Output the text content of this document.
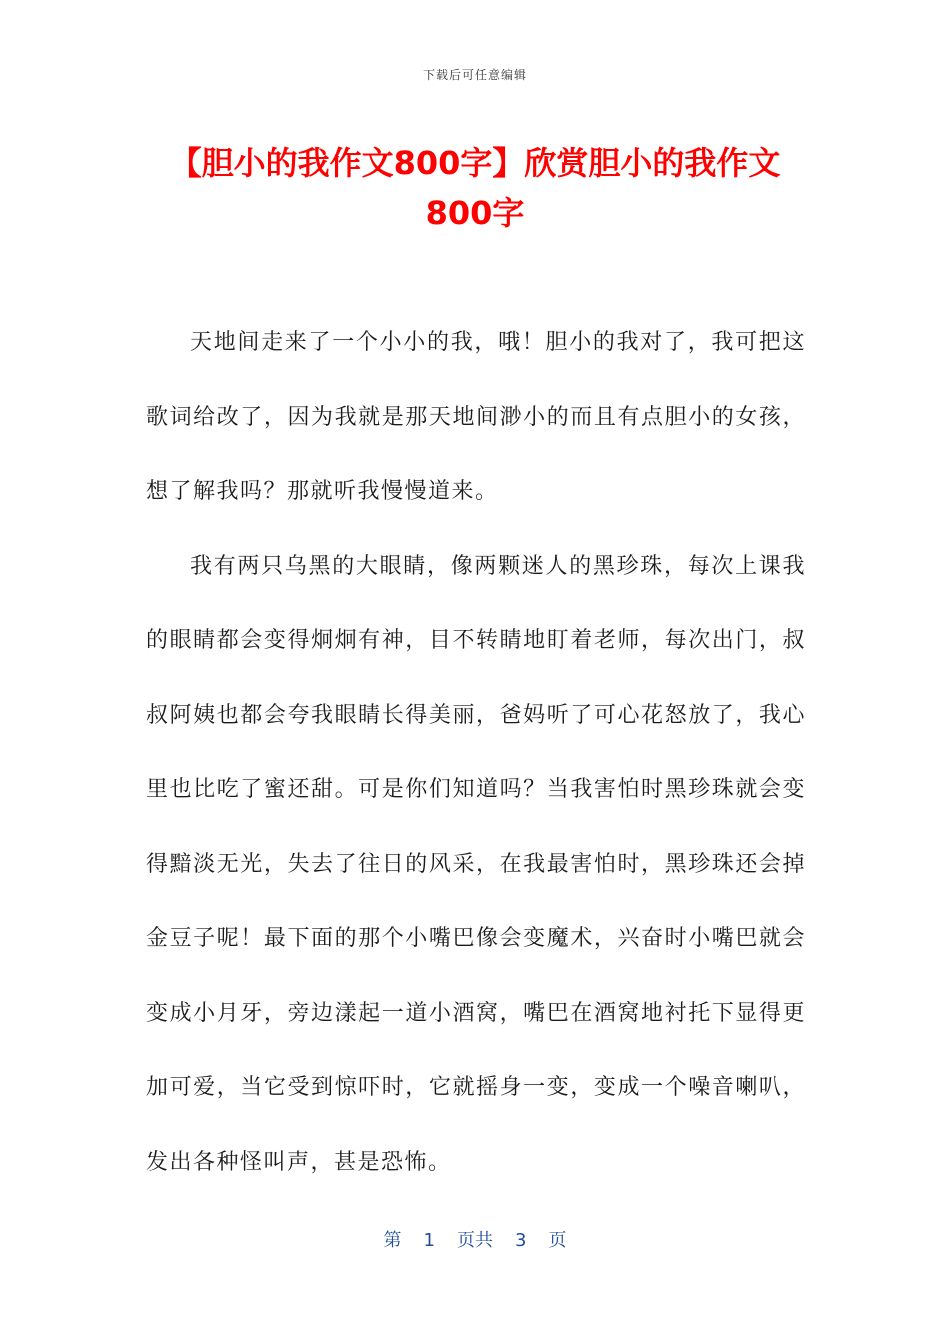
下载后可任意编辑
【胆小的我作文800字】欣赏胆小的我作文800字

天地间走来了一个小小的我，哦！胆小的我对了，我可把这歌词给改了，因为我就是那天地间渺小的而且有点胆小的女孩，想了解我吗？那就听我慢慢道来。

我有两只乌黑的大眼睛，像两颗迷人的黑珍珠，每次上课我的眼睛都会变得炯炯有神，目不转睛地盯着老师，每次出门，叔叔阿姨也都会夸我眼睛长得美丽，爸妈听了可心花怒放了，我心里也比吃了蜜还甜。可是你们知道吗？当我害怕时黑珍珠就会变得黯淡无光，失去了往日的风采，在我最害怕时，黑珍珠还会掉金豆子呢！最下面的那个小嘴巴像会变魔术，兴奋时小嘴巴就会变成小月牙，旁边漾起一道小酒窝，嘴巴在酒窝地衬托下显得更加可爱，当它受到惊吓时，它就摇身一变，变成一个噪音喇叭，发出各种怪叫声，甚是恐怖。

第 1 页共 3 页
